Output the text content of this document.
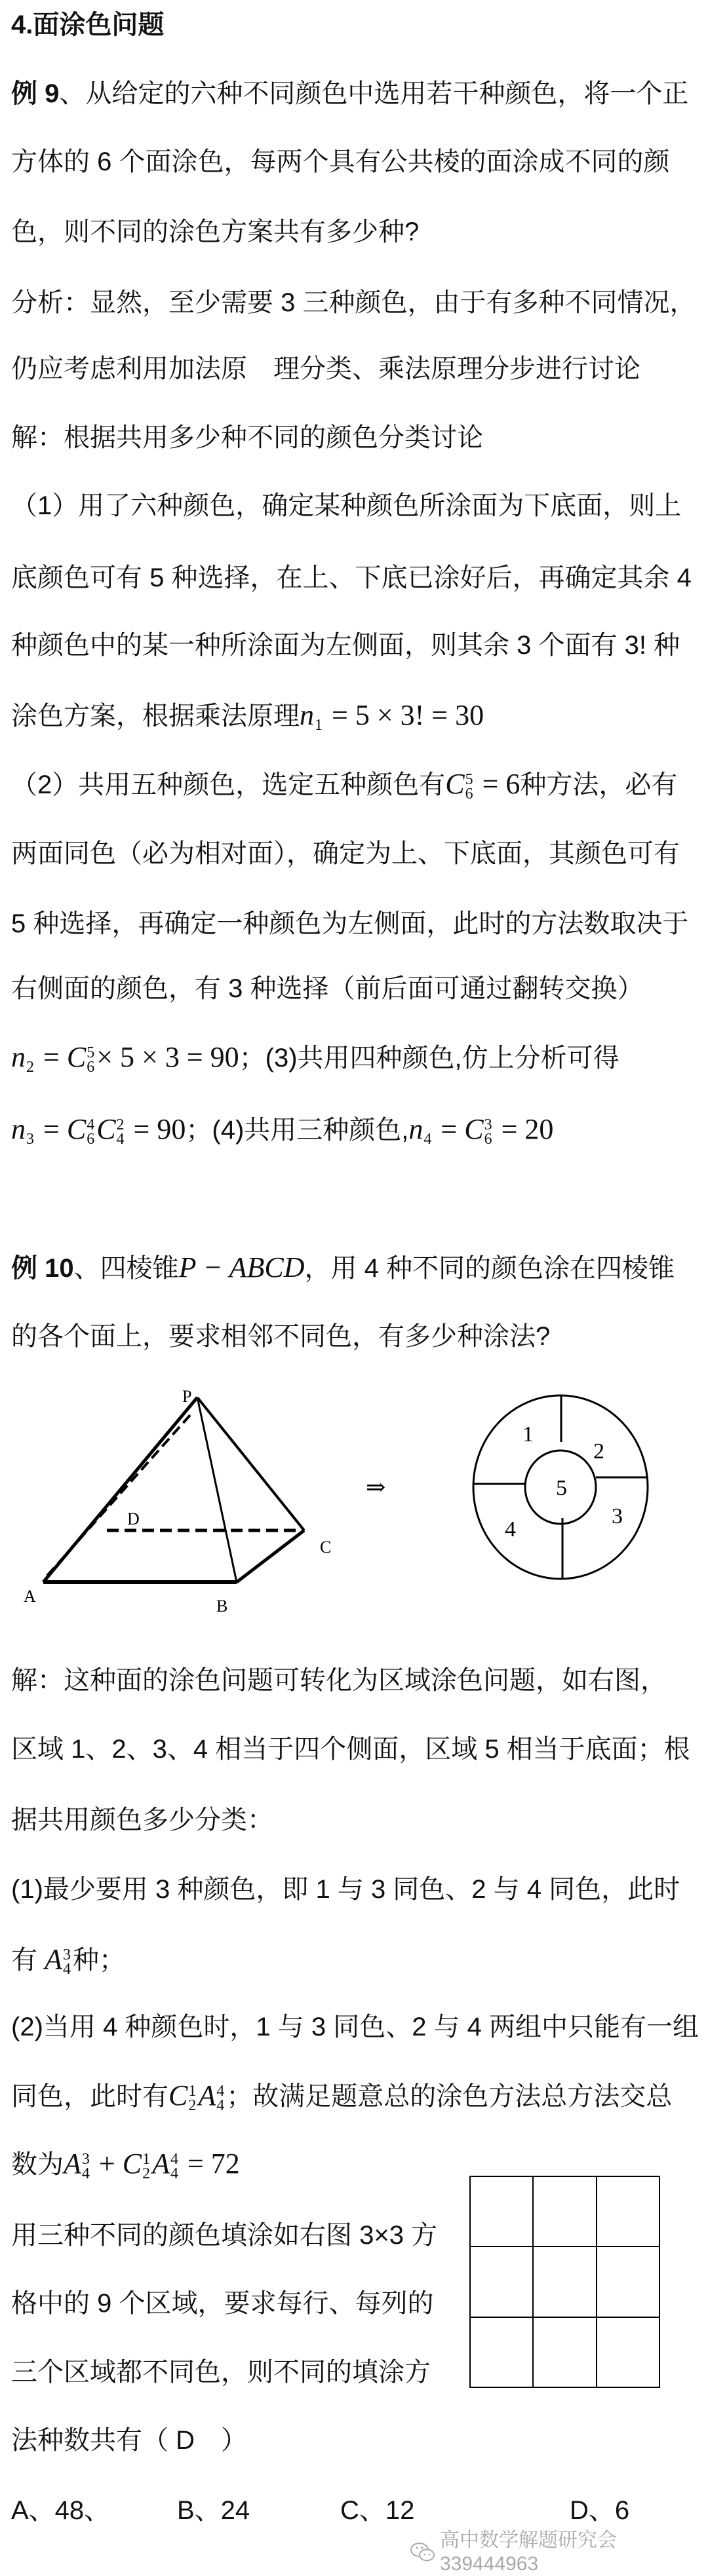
4.面涂色问题
例 9、从给定的六种不同颜色中选用若干种颜色，将一个正
方体的 6 个面涂色，每两个具有公共棱的面涂成不同的颜
色，则不同的涂色方案共有多少种?
分析：显然，至少需要 3 三种颜色，由于有多种不同情况，
仍应考虑利用加法原　理分类、乘法原理分步进行讨论
解：根据共用多少种不同的颜色分类讨论
（1）用了六种颜色，确定某种颜色所涂面为下底面，则上
底颜色可有 5 种选择，在上、下底已涂好后，再确定其余 4
种颜色中的某一种所涂面为左侧面，则其余 3 个面有 3! 种
涂色方案，根据乘法原理n
1 = 5 × 3! = 30
（2）共用五种颜色，选定五种颜色有C 5
6 = 6种方法，必有
两面同色（必为相对面），确定为上、下底面，其颜色可有
5 种选择，再确定一种颜色为左侧面，此时的方法数取决于
右侧面的颜色，有 3 种选择（前后面可通过翻转交换）
n
2 = C 5
6 × 5 × 3 = 90；(3)共用四种颜色,仿上分析可得
n
3 = C 4
6 C 2
4 = 90；(4)共用三种颜色,n
4 = C 3
6 = 20
例 10、四棱锥P − ABCD，用 4 种不同的颜色涂在四棱锥
的各个面上，要求相邻不同色，有多少种涂法?
P
A
B
C
D
⇒
1
2
3
4
5
解：这种面的涂色问题可转化为区域涂色问题，如右图，
区域 1、2、3、4 相当于四个侧面，区域 5 相当于底面；根
据共用颜色多少分类：
(1)最少要用 3 种颜色，即 1 与 3 同色、2 与 4 同色，此时
有 A 3
4 种；
(2)当用 4 种颜色时，1 与 3 同色、2 与 4 两组中只能有一组
同色，此时有C 1
2 A 4
4 ；故满足题意总的涂色方法总方法交总
数为A 3
4 + C 1
2 A 4
4 = 72
用三种不同的颜色填涂如右图 3×3 方
格中的 9 个区域，要求每行、每列的
三个区域都不同色，则不同的填涂方
法种数共有（ D　）
A、48、	B、24	C、12	D、6
高中数学解题研究会339444963
